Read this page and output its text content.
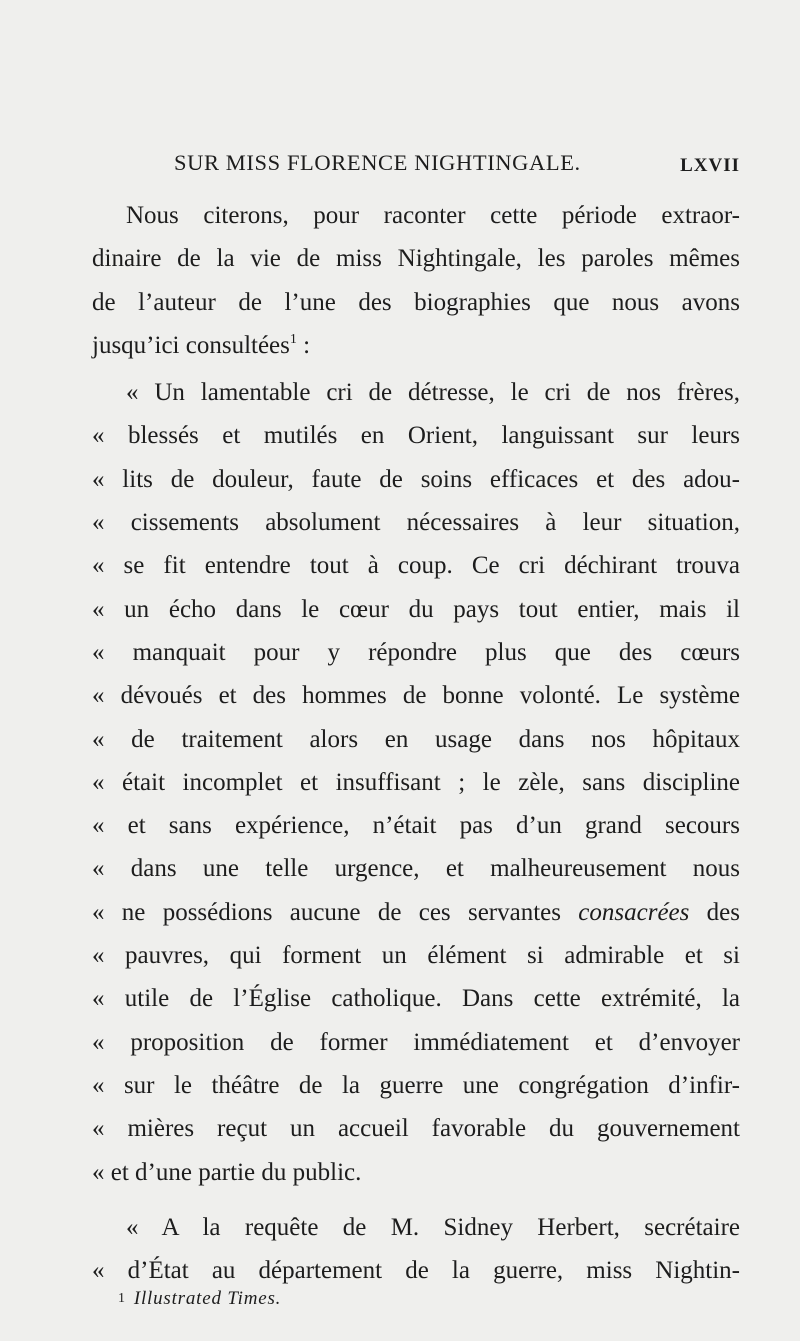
SUR MISS FLORENCE NIGHTINGALE.	LXVII
Nous citerons, pour raconter cette période extraor-
dinaire de la vie de miss Nightingale, les paroles mêmes
de l’auteur de l’une des biographies que nous avons
jusqu’ici consultées$^1$ :
« Un lamentable cri de détresse, le cri de nos frères,
« blessés et mutilés en Orient, languissant sur leurs
« lits de douleur, faute de soins efficaces et des adou-
« cissements absolument nécessaires à leur situation,
« se fit entendre tout à coup. Ce cri déchirant trouva
« un écho dans le cœur du pays tout entier, mais il
« manquait pour y répondre plus que des cœurs
« dévoués et des hommes de bonne volonté. Le système
« de traitement alors en usage dans nos hôpitaux
« était incomplet et insuffisant ; le zèle, sans discipline
« et sans expérience, n’était pas d’un grand secours
« dans une telle urgence, et malheureusement nous
« ne possédions aucune de ces servantes consacrées des
« pauvres, qui forment un élément si admirable et si
« utile de l’Église catholique. Dans cette extrémité, la
« proposition de former immédiatement et d’envoyer
« sur le théâtre de la guerre une congrégation d’infir-
« mières reçut un accueil favorable du gouvernement
« et d’une partie du public.
« A la requête de M. Sidney Herbert, secrétaire
« d’État au département de la guerre, miss Nightin-
1 Illustrated Times.
